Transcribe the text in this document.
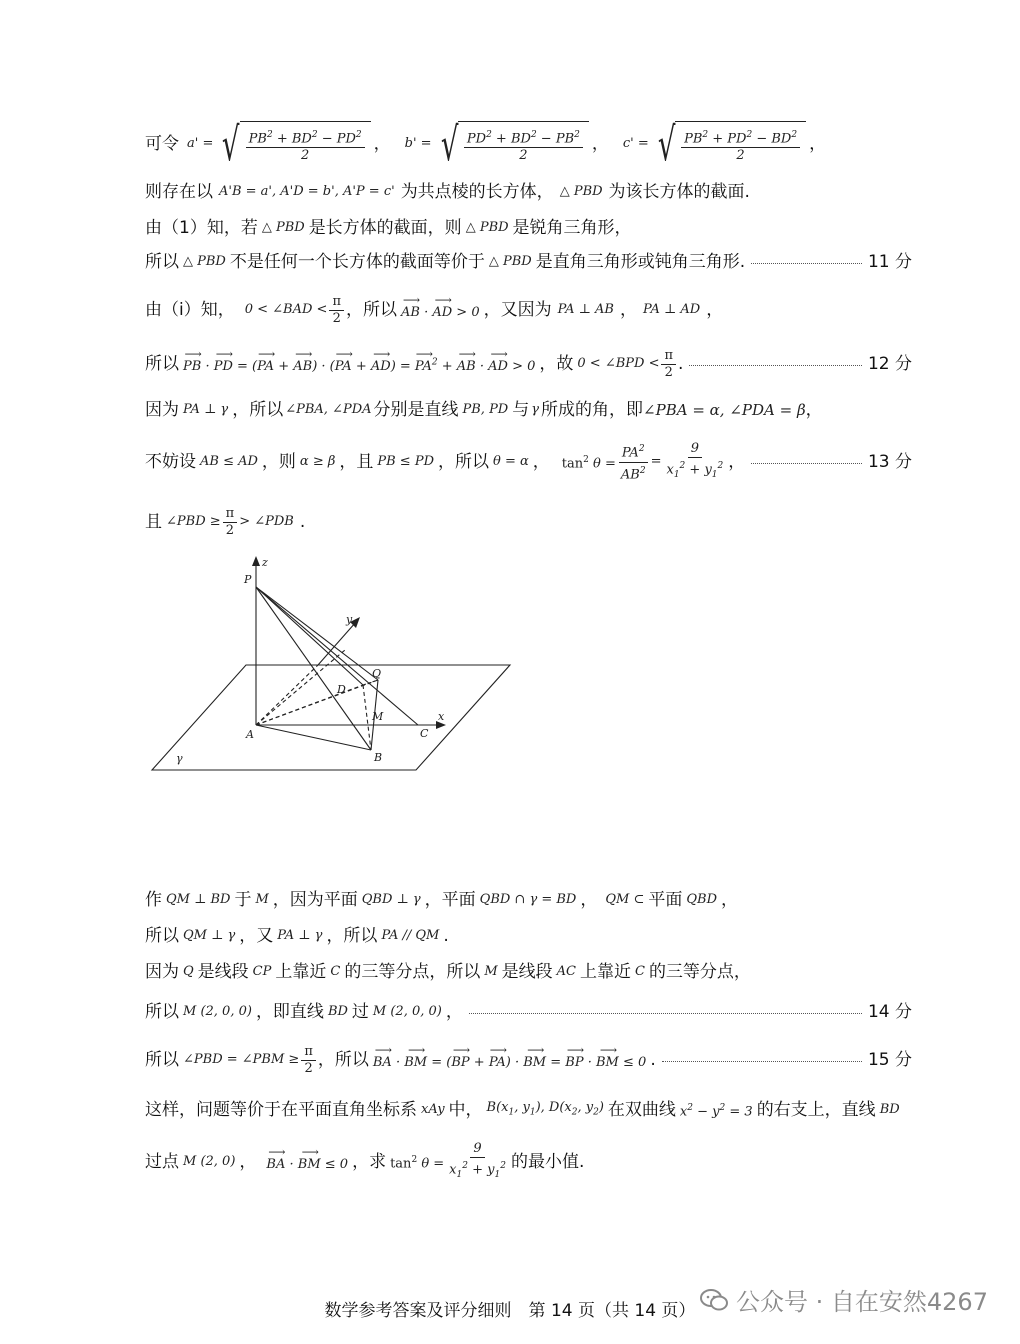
可令 a' = √ $\frac{PB^2 + BD^2 - PD^2}{2}$ ， b' = √ $\frac{PD^2 + BD^2 - PB^2}{2}$ ， c' = √ $\frac{PB^2 + PD^2 - BD^2}{2}$ ，
则存在以 A'B = a', A'D = b', A'P = c' 为共点棱的长方体， △ PBD 为该长方体的截面.
由（1）知，若 △ PBD 是长方体的截面，则 △ PBD 是锐角三角形，
所以 △ PBD 不是任何一个长方体的截面等价于 △ PBD 是直角三角形或钝角三角形.	11 分
由（i）知， 0 < ∠BAD < $\frac{\pi}{2}$ ，所以 ⟶ AB · ⟶ AD > 0 ，又因为 PA ⊥ AB ， PA ⊥ AD ，
所以 ⟶ PB · ⟶ PD = (⟶ PA + ⟶ AB) · (⟶ PA + ⟶ AD) = ⟶ $PA^2$ + ⟶ AB · ⟶ AD > 0 ，故 0 < ∠BPD < $\frac{\pi}{2}$ .	12 分
因为 PA ⊥ γ ，所以 ∠PBA, ∠PDA 分别是直线 PB, PD 与 γ 所成的角，即 ∠PBA = α, ∠PDA = β ，
不妨设 AB ≤ AD ，则 α ≥ β ，且 PB ≤ PD ，所以 θ = α ， $\tan^2 \theta = \frac{PA^2}{AB^2} = \frac{9}{x_1^2 + y_1^2}$ ，	13 分
且 ∠PBD ≥ $\frac{\pi}{2}$ > ∠PDB .
z
P
y
Q
D
M	x
A	C
B
γ
作 QM ⊥ BD 于 M ，因为平面 QBD ⊥ γ ，平面 QBD ∩ γ = BD ， QM ⊂ 平面 QBD ，
所以 QM ⊥ γ ，又 PA ⊥ γ ，所以 PA // QM .
因为 Q 是线段 CP 上靠近 C 的三等分点，所以 M 是线段 AC 上靠近 C 的三等分点，
所以 M (2, 0, 0) ，即直线 BD 过 M (2, 0, 0) ，	14 分
所以 ∠PBD = ∠PBM ≥ $\frac{\pi}{2}$ ，所以 ⟶ BA · ⟶ BM = (⟶ BP + ⟶ PA) · ⟶ BM = ⟶ BP · ⟶ BM ≤ 0 .	15 分
这样，问题等价于在平面直角坐标系 xAy 中， $B(x_1$, $y_1$), $D(x_2$, $y_2$) 在双曲线 $x^2 - y^2 = 3$ 的右支上，直线 BD
过点 M (2, 0) ， ⟶ BA · ⟶ BM ≤ 0 ，求 $\tan^2 \theta = \frac{9}{x_1^2 + y_1^2}$ 的最小值.
公众号 · 自在安然4267
数学参考答案及评分细则　第 14 页（共 14 页）
